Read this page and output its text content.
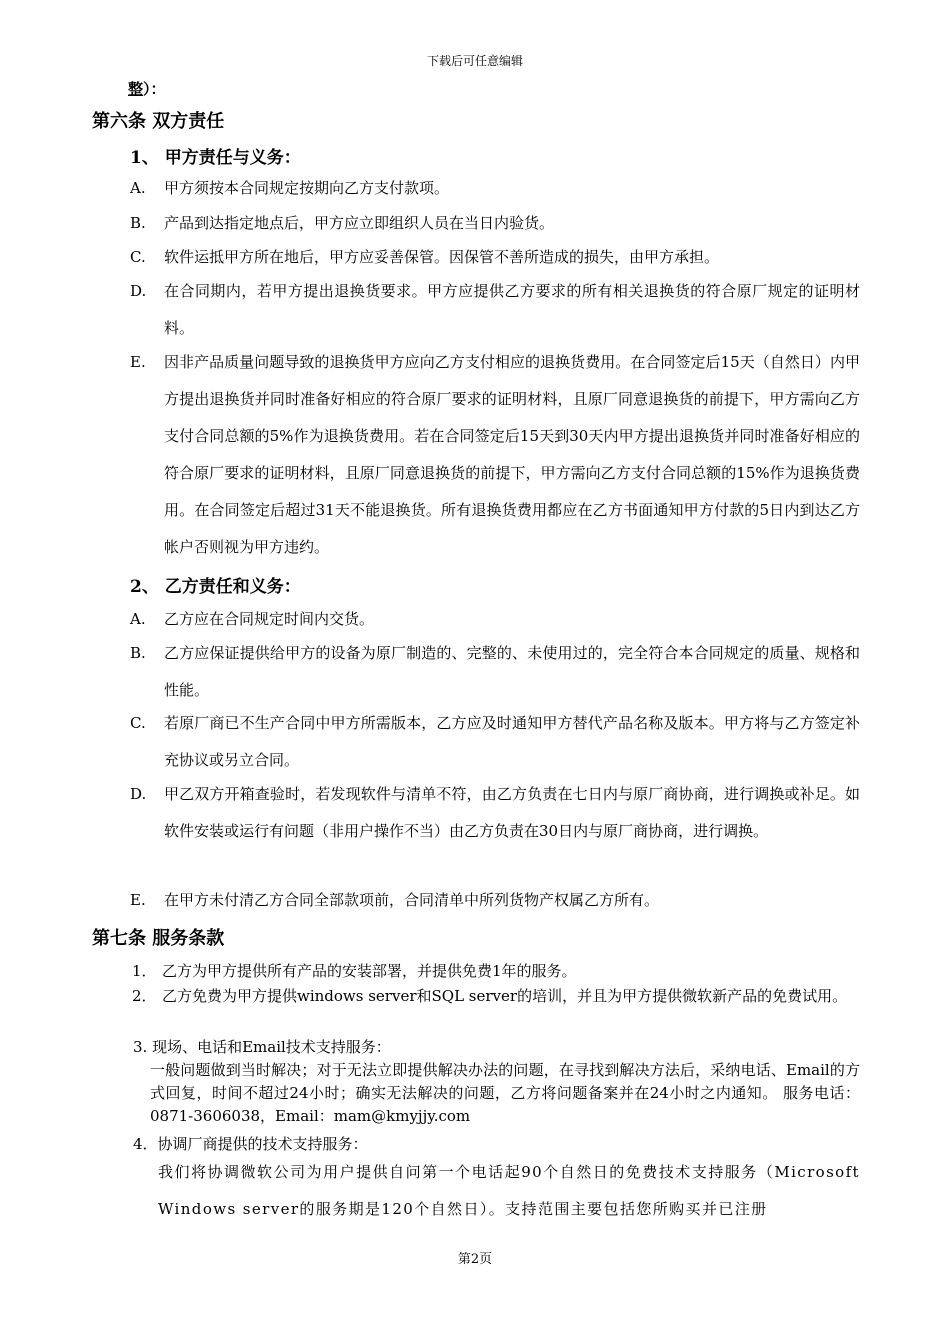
下载后可任意编辑
整）：
第六条 双方责任
1、 甲方责任与义务：
A.	甲方须按本合同规定按期向乙方支付款项。
B.	产品到达指定地点后，甲方应立即组织人员在当日内验货。
C.	软件运抵甲方所在地后，甲方应妥善保管。因保管不善所造成的损失，由甲方承担。
D.	在合同期内，若甲方提出退换货要求。甲方应提供乙方要求的所有相关退换货的符合原厂规定的证明材料。
E.	因非产品质量问题导致的退换货甲方应向乙方支付相应的退换货费用。在合同签定后15天（自然日）内甲方提出退换货并同时准备好相应的符合原厂要求的证明材料，且原厂同意退换货的前提下，甲方需向乙方支付合同总额的5%作为退换货费用。若在合同签定后15天到30天内甲方提出退换货并同时准备好相应的符合原厂要求的证明材料，且原厂同意退换货的前提下，甲方需向乙方支付合同总额的15%作为退换货费用。在合同签定后超过31天不能退换货。所有退换货费用都应在乙方书面通知甲方付款的5日内到达乙方帐户否则视为甲方违约。
2、 乙方责任和义务：
A.	乙方应在合同规定时间内交货。
B.	乙方应保证提供给甲方的设备为原厂制造的、完整的、未使用过的，完全符合本合同规定的质量、规格和性能。
C.	若原厂商已不生产合同中甲方所需版本，乙方应及时通知甲方替代产品名称及版本。甲方将与乙方签定补充协议或另立合同。
D.	甲乙双方开箱查验时，若发现软件与清单不符，由乙方负责在七日内与原厂商协商，进行调换或补足。如软件安装或运行有问题（非用户操作不当）由乙方负责在30日内与原厂商协商，进行调换。
E.	在甲方未付清乙方合同全部款项前，合同清单中所列货物产权属乙方所有。
第七条 服务条款
1． 乙方为甲方提供所有产品的安装部署，并提供免费1年的服务。
2． 乙方免费为甲方提供windows server和SQL server的培训，并且为甲方提供微软新产品的免费试用。
3. 现场、电话和Email技术支持服务：
一般问题做到当时解决；对于无法立即提供解决办法的问题，在寻找到解决方法后，采纳电话、Email的方式回复，时间不超过24小时；确实无法解决的问题，乙方将问题备案并在24小时之内通知。 服务电话：0871-3606038，Email：mam@kmyjjy.com
4．协调厂商提供的技术支持服务：
我们将协调微软公司为用户提供自问第一个电话起90个自然日的免费技术支持服务（Microsoft Windows server的服务期是120个自然日）。支持范围主要包括您所购买并已注册
第2页
